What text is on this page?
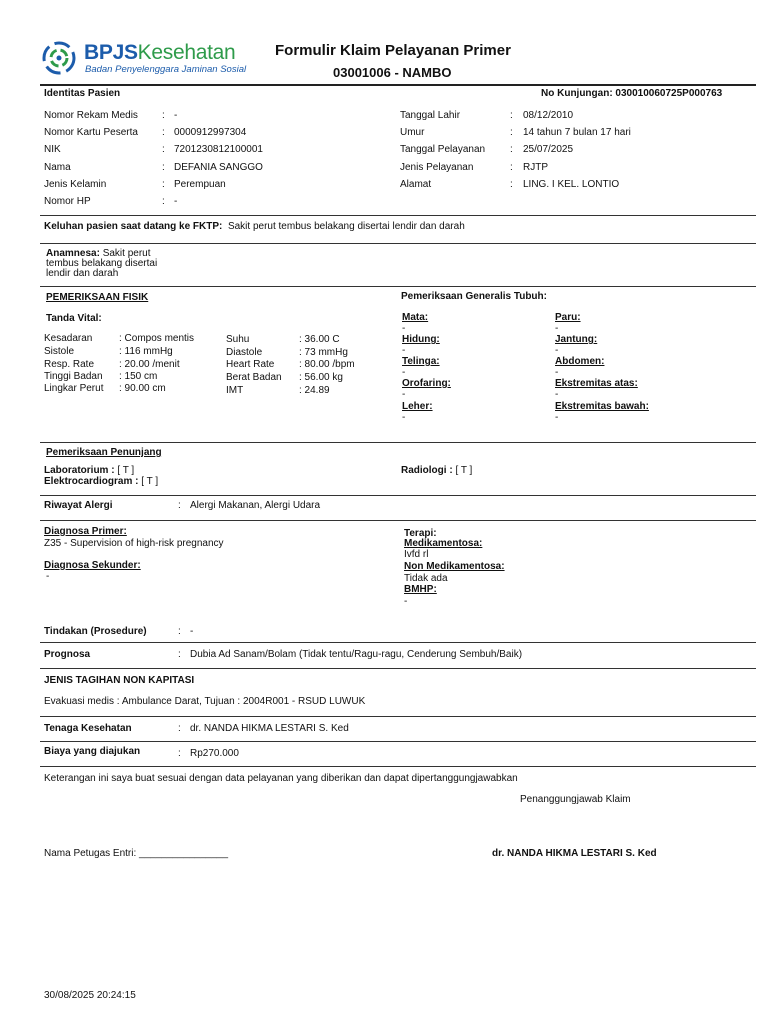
BPJSKesehatan
Badan Penyelenggara Jaminan Sosial
Formulir Klaim Pelayanan Primer
03001006 - NAMBO
Identitas Pasien	No Kunjungan: 030010060725P000763
Nomor Rekam Medis : -
Nomor Kartu Peserta : 0000912997304
NIK	: 7201230812100001
Nama	: DEFANIA SANGGO
Jenis Kelamin	: Perempuan
Nomor HP	: -
Tanggal Lahir	: 08/12/2010
Umur	: 14 tahun 7 bulan 17 hari
Tanggal Pelayanan : 25/07/2025
Jenis Pelayanan	: RJTP
Alamat	: LING. I KEL. LONTIO
Keluhan pasien saat datang ke FKTP: Sakit perut tembus belakang disertai lendir dan darah
Anamnesa: Sakit perut
tembus belakang disertai
lendir dan darah
PEMERIKSAAN FISIK
Tanda Vital:
Kesadaran	: Compos mentis
Sistole	: 116 mmHg
Resp. Rate : 20.00 /menit
Tinggi Badan : 150 cm
Lingkar Perut : 90.00 cm
Suhu	: 36.00 C
Diastole	: 73 mmHg
Heart Rate : 80.00 /bpm
Berat Badan : 56.00 kg
IMT	: 24.89
Pemeriksaan Generalis Tubuh:
Mata:
-
Hidung:
-
Telinga:
-
Orofaring:
-
Leher:
-
Paru:
-
Jantung:
-
Abdomen:
-
Ekstremitas atas:
-
Ekstremitas bawah:
-
Pemeriksaan Penunjang
Laboratorium : [ T ]
Elektrocardiogram : [ T ]
Radiologi : [ T ]
Riwayat Alergi	: Alergi Makanan, Alergi Udara
Diagnosa Primer:
Z35 - Supervision of high-risk pregnancy
Diagnosa Sekunder:
-
Terapi:
Medikamentosa:
Ivfd rl
Non Medikamentosa:
Tidak ada
BMHP:
-
Tindakan (Prosedure)	: -
Prognosa	: Dubia Ad Sanam/Bolam (Tidak tentu/Ragu-ragu, Cenderung Sembuh/Baik)
JENIS TAGIHAN NON KAPITASI
Evakuasi medis : Ambulance Darat, Tujuan : 2004R001 - RSUD LUWUK
Tenaga Kesehatan	: dr. NANDA HIKMA LESTARI S. Ked
Biaya yang diajukan	: Rp270.000
Keterangan ini saya buat sesuai dengan data pelayanan yang diberikan dan dapat dipertanggungjawabkan
Penanggungjawab Klaim
Nama Petugas Entri: ________________	dr. NANDA HIKMA LESTARI S. Ked
30/08/2025 20:24:15
